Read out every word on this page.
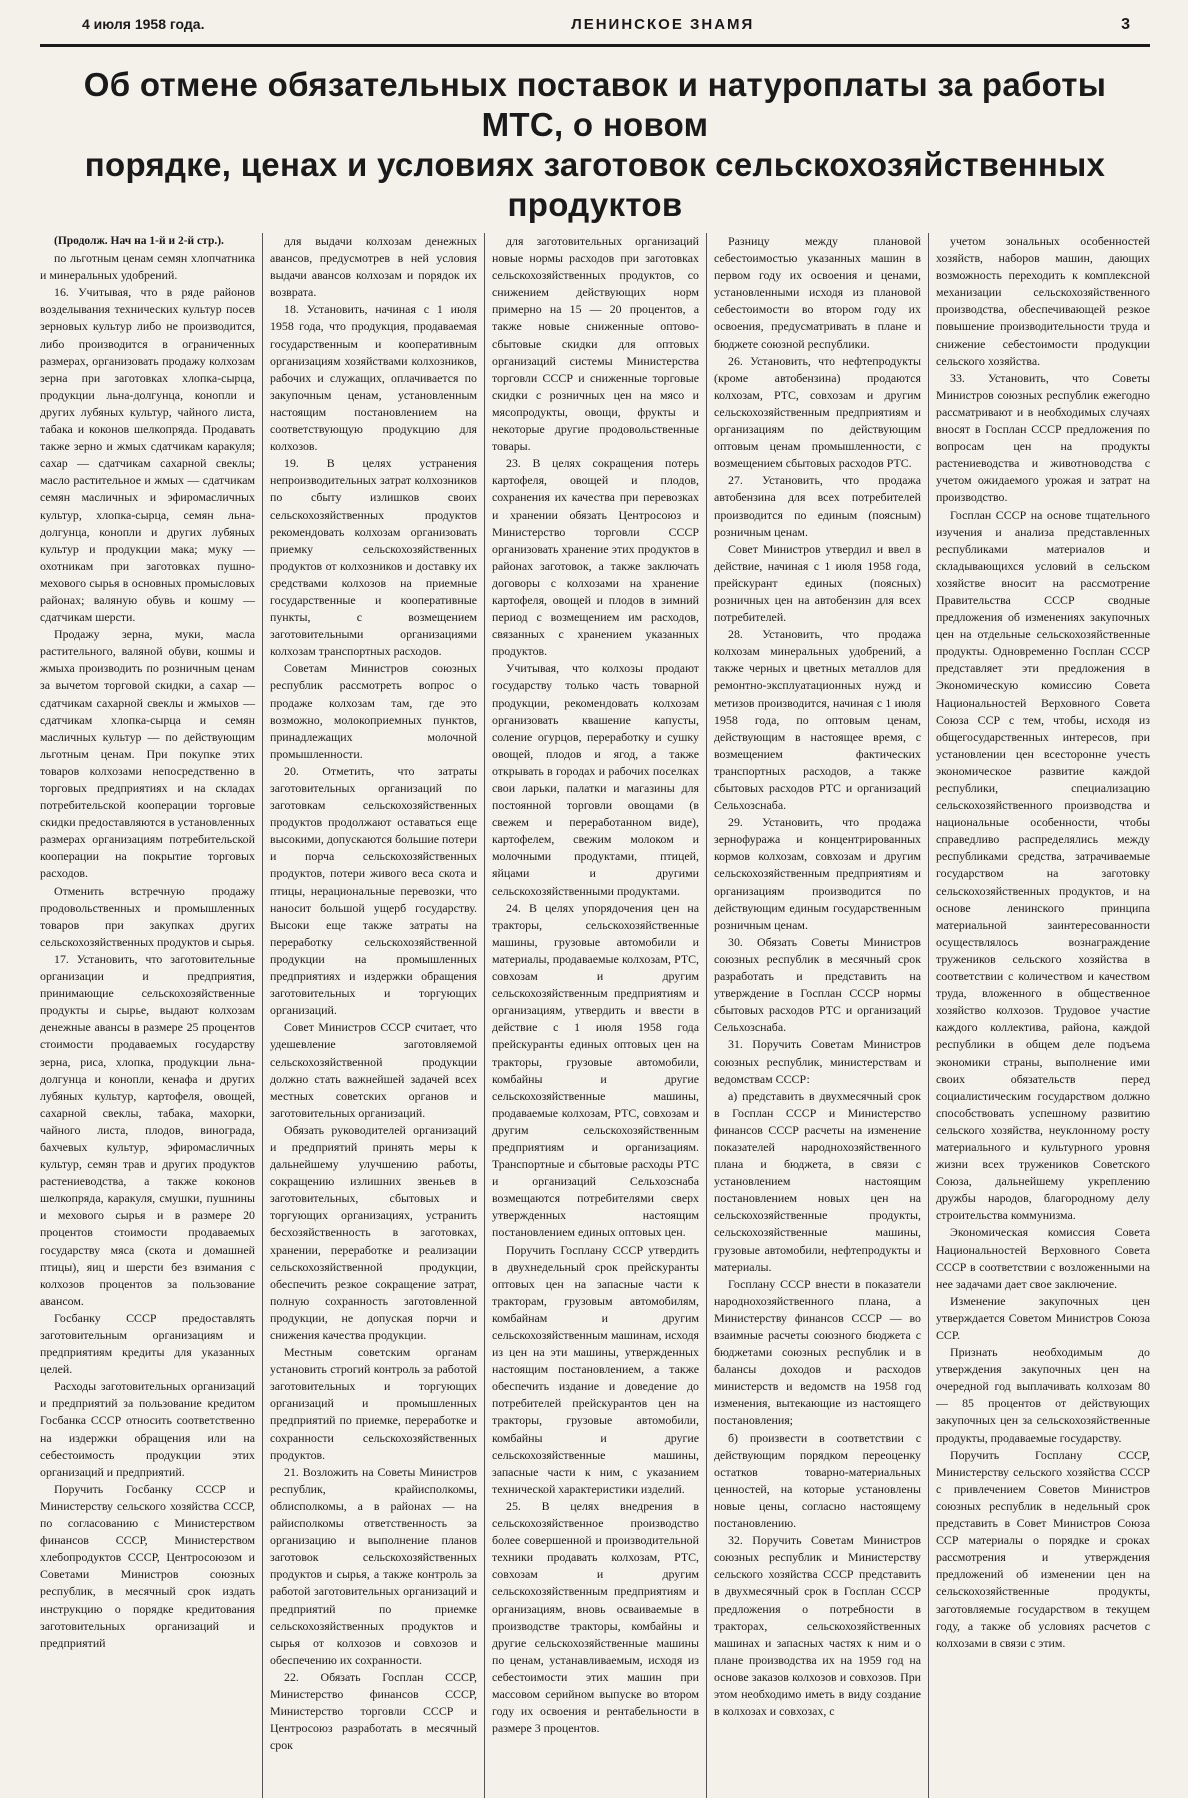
4 июля 1958 года.	ЛЕНИНСКОЕ ЗНАМЯ	3
Об отмене обязательных поставок и натуроплаты за работы МТС, о новом
порядке, ценах и условиях заготовок сельскохозяйственных продуктов

(Продолж. Нач на 1-й и 2-й стр.).

по льготным ценам семян хлопчатника и минеральных удобрений.

16. Учитывая, что в ряде районов возделывания технических культур посев зерновых культур либо не производится, либо производится в ограниченных размерах, организовать продажу колхозам зерна при заготовках хлопка-сырца, продукции льна-долгунца, конопли и других лубяных культур, чайного листа, табака и коконов шелкопряда. Продавать также зерно и жмых сдатчикам каракуля; сахар — сдатчикам сахарной свеклы; масло растительное и жмых — сдатчикам семян масличных и эфиромасличных культур, хлопка-сырца, семян льна-долгунца, конопли и других лубяных культур и продукции мака; муку — охотникам при заготовках пушно-мехового сырья в основных промысловых районах; валяную обувь и кошму — сдатчикам шерсти.

Продажу зерна, муки, масла растительного, валяной обуви, кошмы и жмыха производить по розничным ценам за вычетом торговой скидки, а сахар — сдатчикам сахарной свеклы и жмыхов — сдатчикам хлопка-сырца и семян масличных культур — по действующим льготным ценам. При покупке этих товаров колхозами непосредственно в торговых предприятиях и на складах потребительской кооперации торговые скидки предоставляются в установленных размерах организациям потребительской кооперации на покрытие торговых расходов.

Отменить встречную продажу продовольственных и промышленных товаров при закупках других сельскохозяйственных продуктов и сырья.

17. Установить, что заготовительные организации и предприятия, принимающие сельскохозяйственные продукты и сырье, выдают колхозам денежные авансы в размере 25 процентов стоимости продаваемых государству зерна, риса, хлопка, продукции льна-долгунца и конопли, кенафа и других лубяных культур, картофеля, овощей, сахарной свеклы, табака, махорки, чайного листа, плодов, винограда, бахчевых культур, эфиромасличных культур, семян трав и других продуктов растениеводства, а также коконов шелкопряда, каракуля, смушки, пушнины и мехового сырья и в размере 20 процентов стоимости продаваемых государству мяса (скота и домашней птицы), яиц и шерсти без взимания с колхозов процентов за пользование авансом.

Госбанку СССР предоставлять заготовительным организациям и предприятиям кредиты для указанных целей.

Расходы заготовительных организаций и предприятий за пользование кредитом Госбанка СССР относить соответственно на издержки обращения или на себестоимость продукции этих организаций и предприятий.

Поручить Госбанку СССР и Министерству сельского хозяйства СССР, по согласованию с Министерством финансов СССР, Министерством хлебопродуктов СССР, Центросоюзом и Советами Министров союзных республик, в месячный срок издать инструкцию о порядке кредитования заготовительных организаций и предприятий

для выдачи колхозам денежных авансов, предусмотрев в ней условия выдачи авансов колхозам и порядок их возврата.

18. Установить, начиная с 1 июля 1958 года, что продукция, продаваемая государственным и кооперативным организациям хозяйствами колхозников, рабочих и служащих, оплачивается по закупочным ценам, установленным настоящим постановлением на соответствующую продукцию для колхозов.

19. В целях устранения непроизводительных затрат колхозников по сбыту излишков своих сельскохозяйственных продуктов рекомендовать колхозам организовать приемку сельскохозяйственных продуктов от колхозников и доставку их средствами колхозов на приемные государственные и кооперативные пункты, с возмещением заготовительными организациями колхозам транспортных расходов.

Советам Министров союзных республик рассмотреть вопрос о продаже колхозам там, где это возможно, молокоприемных пунктов, принадлежащих молочной промышленности.

20. Отметить, что затраты заготовительных организаций по заготовкам сельскохозяйственных продуктов продолжают оставаться еще высокими, допускаются большие потери и порча сельскохозяйственных продуктов, потери живого веса скота и птицы, нерациональные перевозки, что наносит большой ущерб государству. Высоки еще также затраты на переработку сельскохозяйственной продукции на промышленных предприятиях и издержки обращения заготовительных и торгующих организаций.

Совет Министров СССР считает, что удешевление заготовляемой сельскохозяйственной продукции должно стать важнейшей задачей всех местных советских органов и заготовительных организаций.

Обязать руководителей организаций и предприятий принять меры к дальнейшему улучшению работы, сокращению излишних звеньев в заготовительных, сбытовых и торгующих организациях, устранить бесхозяйственность в заготовках, хранении, переработке и реализации сельскохозяйственной продукции, обеспечить резкое сокращение затрат, полную сохранность заготовленной продукции, не допуская порчи и снижения качества продукции.

Местным советским органам установить строгий контроль за работой заготовительных и торгующих организаций и промышленных предприятий по приемке, переработке и сохранности сельскохозяйственных продуктов.

21. Возложить на Советы Министров республик, крайисполкомы, облисполкомы, а в районах — на райисполкомы ответственность за организацию и выполнение планов заготовок сельскохозяйственных продуктов и сырья, а также контроль за работой заготовительных организаций и предприятий по приемке сельскохозяйственных продуктов и сырья от колхозов и совхозов и обеспечению их сохранности.

22. Обязать Госплан СССР, Министерство финансов СССР, Министерство торговли СССР и Центросоюз разработать в месячный срок

для заготовительных организаций новые нормы расходов при заготовках сельскохозяйственных продуктов, со снижением действующих норм примерно на 15 — 20 процентов, а также новые сниженные оптово-сбытовые скидки для оптовых организаций системы Министерства торговли СССР и сниженные торговые скидки с розничных цен на мясо и мясопродукты, овощи, фрукты и некоторые другие продовольственные товары.

23. В целях сокращения потерь картофеля, овощей и плодов, сохранения их качества при перевозках и хранении обязать Центросоюз и Министерство торговли СССР организовать хранение этих продуктов в районах заготовок, а также заключать договоры с колхозами на хранение картофеля, овощей и плодов в зимний период с возмещением им расходов, связанных с хранением указанных продуктов.

Учитывая, что колхозы продают государству только часть товарной продукции, рекомендовать колхозам организовать квашение капусты, соление огурцов, переработку и сушку овощей, плодов и ягод, а также открывать в городах и рабочих поселках свои ларьки, палатки и магазины для постоянной торговли овощами (в свежем и переработанном виде), картофелем, свежим молоком и молочными продуктами, птицей, яйцами и другими сельскохозяйственными продуктами.

24. В целях упорядочения цен на тракторы, сельскохозяйственные машины, грузовые автомобили и материалы, продаваемые колхозам, РТС, совхозам и другим сельскохозяйственным предприятиям и организациям, утвердить и ввести в действие с 1 июля 1958 года прейскуранты единых оптовых цен на тракторы, грузовые автомобили, комбайны и другие сельскохозяйственные машины, продаваемые колхозам, РТС, совхозам и другим сельскохозяйственным предприятиям и организациям. Транспортные и сбытовые расходы РТС и организаций Сельхозснаба возмещаются потребителями сверх утвержденных настоящим постановлением единых оптовых цен.

Поручить Госплану СССР утвердить в двухнедельный срок прейскуранты оптовых цен на запасные части к тракторам, грузовым автомобилям, комбайнам и другим сельскохозяйственным машинам, исходя из цен на эти машины, утвержденных настоящим постановлением, а также обеспечить издание и доведение до потребителей прейскурантов цен на тракторы, грузовые автомобили, комбайны и другие сельскохозяйственные машины, запасные части к ним, с указанием технической характеристики изделий.

25. В целях внедрения в сельскохозяйственное производство более совершенной и производительной техники продавать колхозам, РТС, совхозам и другим сельскохозяйственным предприятиям и организациям, вновь осваиваемые в производстве тракторы, комбайны и другие сельскохозяйственные машины по ценам, устанавливаемым, исходя из себестоимости этих машин при массовом серийном выпуске во втором году их освоения и рентабельности в размере 3 процентов.

Разницу между плановой себестоимостью указанных машин в первом году их освоения и ценами, установленными исходя из плановой себестоимости во втором году их освоения, предусматривать в плане и бюджете союзной республики.

26. Установить, что нефтепродукты (кроме автобензина) продаются колхозам, РТС, совхозам и другим сельскохозяйственным предприятиям и организациям по действующим оптовым ценам промышленности, с возмещением сбытовых расходов РТС.

27. Установить, что продажа автобензина для всех потребителей производится по единым (поясным) розничным ценам.

Совет Министров утвердил и ввел в действие, начиная с 1 июля 1958 года, прейскурант единых (поясных) розничных цен на автобензин для всех потребителей.

28. Установить, что продажа колхозам минеральных удобрений, а также черных и цветных металлов для ремонтно-эксплуатационных нужд и метизов производится, начиная с 1 июля 1958 года, по оптовым ценам, действующим в настоящее время, с возмещением фактических транспортных расходов, а также сбытовых расходов РТС и организаций Сельхозснаба.

29. Установить, что продажа зернофуража и концентрированных кормов колхозам, совхозам и другим сельскохозяйственным предприятиям и организациям производится по действующим единым государственным розничным ценам.

30. Обязать Советы Министров союзных республик в месячный срок разработать и представить на утверждение в Госплан СССР нормы сбытовых расходов РТС и организаций Сельхозснаба.

31. Поручить Советам Министров союзных республик, министерствам и ведомствам СССР:

а) представить в двухмесячный срок в Госплан СССР и Министерство финансов СССР расчеты на изменение показателей народнохозяйственного плана и бюджета, в связи с установлением настоящим постановлением новых цен на сельскохозяйственные продукты, сельскохозяйственные машины, грузовые автомобили, нефтепродукты и материалы.

Госплану СССР внести в показатели народнохозяйственного плана, а Министерству финансов СССР — во взаимные расчеты союзного бюджета с бюджетами союзных республик и в балансы доходов и расходов министерств и ведомств на 1958 год изменения, вытекающие из настоящего постановления;

б) произвести в соответствии с действующим порядком переоценку остатков товарно-материальных ценностей, на которые установлены новые цены, согласно настоящему постановлению.

32. Поручить Советам Министров союзных республик и Министерству сельского хозяйства СССР представить в двухмесячный срок в Госплан СССР предложения о потребности в тракторах, сельскохозяйственных машинах и запасных частях к ним и о плане производства их на 1959 год на основе заказов колхозов и совхозов. При этом необходимо иметь в виду создание в колхозах и совхозах, с

учетом зональных особенностей хозяйств, наборов машин, дающих возможность переходить к комплексной механизации сельскохозяйственного производства, обеспечивающей резкое повышение производительности труда и снижение себестоимости продукции сельского хозяйства.

33. Установить, что Советы Министров союзных республик ежегодно рассматривают и в необходимых случаях вносят в Госплан СССР предложения по вопросам цен на продукты растениеводства и животноводства с учетом ожидаемого урожая и затрат на производство.

Госплан СССР на основе тщательного изучения и анализа представленных республиками материалов и складывающихся условий в сельском хозяйстве вносит на рассмотрение Правительства СССР сводные предложения об изменениях закупочных цен на отдельные сельскохозяйственные продукты. Одновременно Госплан СССР представляет эти предложения в Экономическую комиссию Совета Национальностей Верховного Совета Союза ССР с тем, чтобы, исходя из общегосударственных интересов, при установлении цен всесторонне учесть экономическое развитие каждой республики, специализацию сельскохозяйственного производства и национальные особенности, чтобы справедливо распределялись между республиками средства, затрачиваемые государством на заготовку сельскохозяйственных продуктов, и на основе ленинского принципа материальной заинтересованности осуществлялось вознаграждение тружеников сельского хозяйства в соответствии с количеством и качеством труда, вложенного в общественное хозяйство колхозов. Трудовое участие каждого коллектива, района, каждой республики в общем деле подъема экономики страны, выполнение ими своих обязательств перед социалистическим государством должно способствовать успешному развитию сельского хозяйства, неуклонному росту материального и культурного уровня жизни всех тружеников Советского Союза, дальнейшему укреплению дружбы народов, благородному делу строительства коммунизма.

Экономическая комиссия Совета Национальностей Верховного Совета СССР в соответствии с возложенными на нее задачами дает свое заключение.

Изменение закупочных цен утверждается Советом Министров Союза ССР.

Признать необходимым до утверждения закупочных цен на очередной год выплачивать колхозам 80 — 85 процентов от действующих закупочных цен за сельскохозяйственные продукты, продаваемые государству.

Поручить Госплану СССР, Министерству сельского хозяйства СССР с привлечением Советов Министров союзных республик в недельный срок представить в Совет Министров Союза ССР материалы о порядке и сроках рассмотрения и утверждения предложений об изменении цен на сельскохозяйственные продукты, заготовляемые государством в текущем году, а также об условиях расчетов с колхозами в связи с этим.
